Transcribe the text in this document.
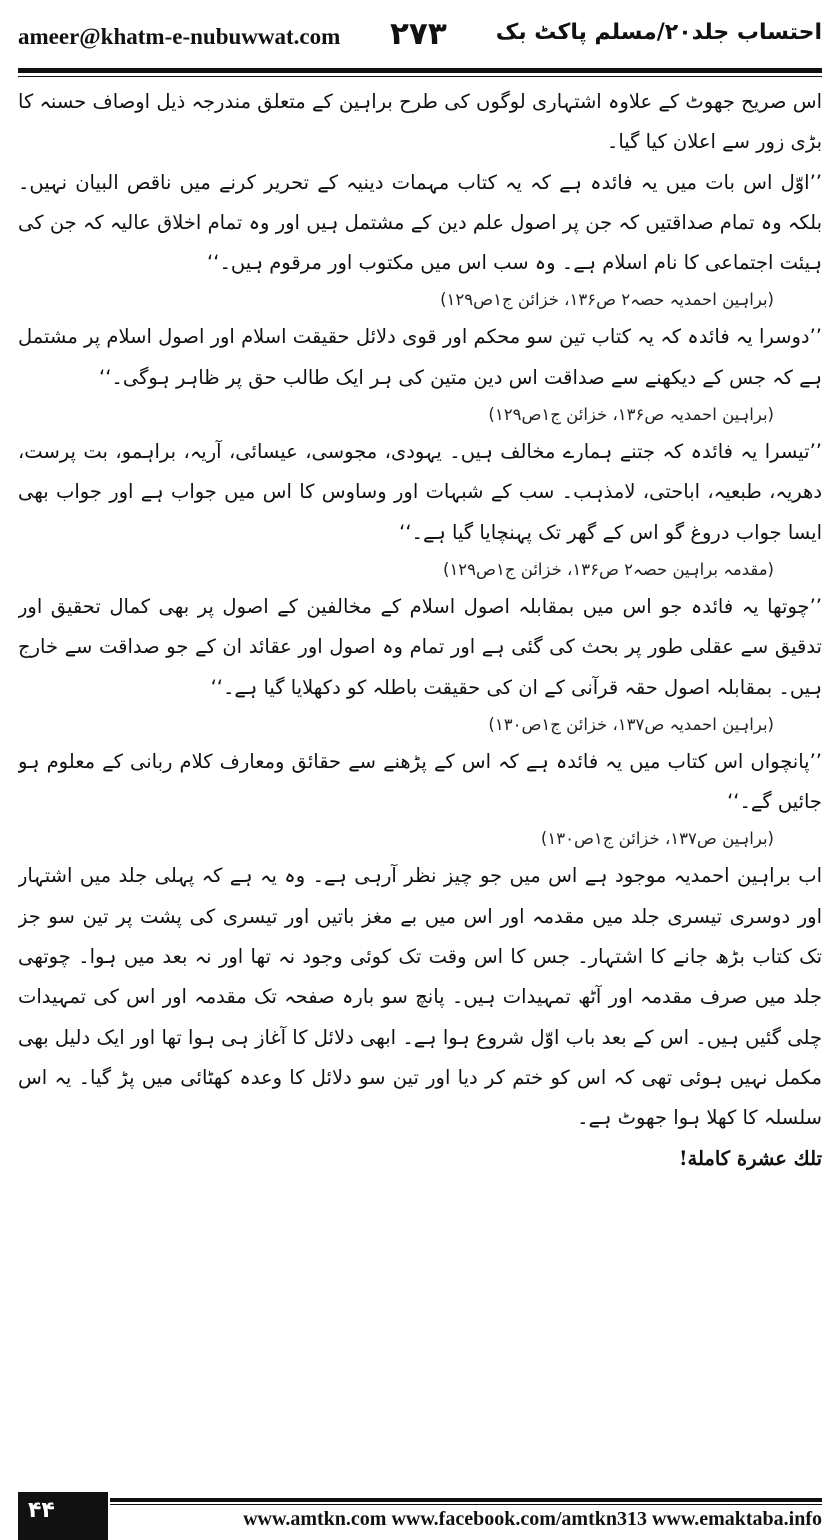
ameer@khatm-e-nubuwwat.com ۲۷۳ احتساب جلد۲۰/مسلم پاکٹ بک

اس صریح جھوٹ کے علاوہ اشتہاری لوگوں کی طرح براہین کے متعلق مندرجہ ذیل اوصاف حسنہ کا بڑی زور سے اعلان کیا گیا۔

’’اوّل اس بات میں یہ فائدہ ہے کہ یہ کتاب مہمات دینیہ کے تحریر کرنے میں ناقص البیان نہیں۔ بلکہ وہ تمام صداقتیں کہ جن پر اصول علم دین کے مشتمل ہیں اور وہ تمام اخلاق عالیہ کہ جن کی ہیئت اجتماعی کا نام اسلام ہے۔ وہ سب اس میں مکتوب اور مرقوم ہیں۔‘‘

(براہین احمدیہ حصہ۲ ص۱۳۶، خزائن ج۱ص۱۲۹)

’’دوسرا یہ فائدہ کہ یہ کتاب تین سو محکم اور قوی دلائل حقیقت اسلام اور اصول اسلام پر مشتمل ہے کہ جس کے دیکھنے سے صداقت اس دین متین کی ہر ایک طالب حق پر ظاہر ہوگی۔‘‘

(براہین احمدیہ ص۱۳۶، خزائن ج۱ص۱۲۹)

’’تیسرا یہ فائدہ کہ جتنے ہمارے مخالف ہیں۔ یہودی، مجوسی، عیسائی، آریہ، براہمو، بت پرست، دھریہ، طبعیہ، اباحتی، لامذہب۔ سب کے شبہات اور وساوس کا اس میں جواب ہے اور جواب بھی ایسا جواب دروغ گو اس کے گھر تک پہنچایا گیا ہے۔‘‘

(مقدمہ براہین حصہ۲ ص۱۳۶، خزائن ج۱ص۱۲۹)

’’چوتھا یہ فائدہ جو اس میں بمقابلہ اصول اسلام کے مخالفین کے اصول پر بھی کمال تحقیق اور تدقیق سے عقلی طور پر بحث کی گئی ہے اور تمام وہ اصول اور عقائد ان کے جو صداقت سے خارج ہیں۔ بمقابلہ اصول حقہ قرآنی کے ان کی حقیقت باطلہ کو دکھلایا گیا ہے۔‘‘

(براہین احمدیہ ص۱۳۷، خزائن ج۱ص۱۳۰)

’’پانچواں اس کتاب میں یہ فائدہ ہے کہ اس کے پڑھنے سے حقائق ومعارف کلام ربانی کے معلوم ہو جائیں گے۔‘‘

(براہین ص۱۳۷، خزائن ج۱ص۱۳۰)

اب براہین احمدیہ موجود ہے اس میں جو چیز نظر آرہی ہے۔ وہ یہ ہے کہ پہلی جلد میں اشتہار اور دوسری تیسری جلد میں مقدمہ اور اس میں بے مغز باتیں اور تیسری کی پشت پر تین سو جز تک کتاب بڑھ جانے کا اشتہار۔ جس کا اس وقت تک کوئی وجود نہ تھا اور نہ بعد میں ہوا۔ چوتھی جلد میں صرف مقدمہ اور آٹھ تمہیدات ہیں۔ پانچ سو بارہ صفحہ تک مقدمہ اور اس کی تمہیدات چلی گئیں ہیں۔ اس کے بعد باب اوّل شروع ہوا ہے۔ ابھی دلائل کا آغاز ہی ہوا تھا اور ایک دلیل بھی مکمل نہیں ہوئی تھی کہ اس کو ختم کر دیا اور تین سو دلائل کا وعدہ کھٹائی میں پڑ گیا۔ یہ اس سلسلہ کا کھلا ہوا جھوٹ ہے۔

تلك عشرة كاملة!

۴۴	www.amtkn.com www.facebook.com/amtkn313 www.emaktaba.info
